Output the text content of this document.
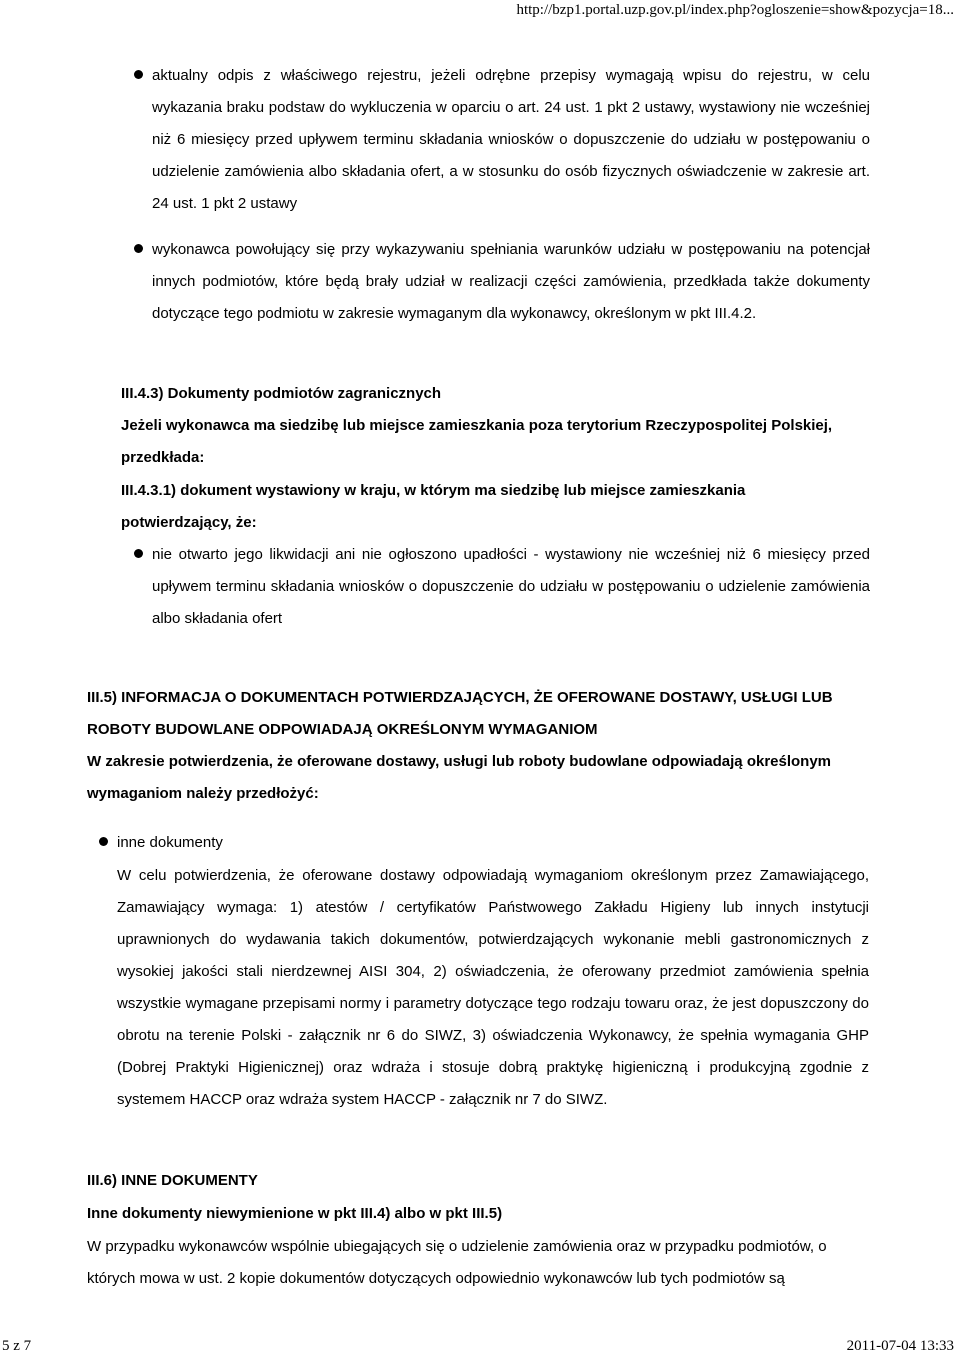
http://bzp1.portal.uzp.gov.pl/index.php?ogloszenie=show&pozycja=18...
aktualny odpis z właściwego rejestru, jeżeli odrębne przepisy wymagają wpisu do rejestru, w celu wykazania braku podstaw do wykluczenia w oparciu o art. 24 ust. 1 pkt 2 ustawy, wystawiony nie wcześniej niż 6 miesięcy przed upływem terminu składania wniosków o dopuszczenie do udziału w postępowaniu o udzielenie zamówienia albo składania ofert, a w stosunku do osób fizycznych oświadczenie w zakresie art. 24 ust. 1 pkt 2 ustawy
wykonawca powołujący się przy wykazywaniu spełniania warunków udziału w postępowaniu na potencjał innych podmiotów, które będą brały udział w realizacji części zamówienia, przedkłada także dokumenty dotyczące tego podmiotu w zakresie wymaganym dla wykonawcy, określonym w pkt III.4.2.
III.4.3) Dokumenty podmiotów zagranicznych
Jeżeli wykonawca ma siedzibę lub miejsce zamieszkania poza terytorium Rzeczypospolitej Polskiej, przedkłada:
III.4.3.1) dokument wystawiony w kraju, w którym ma siedzibę lub miejsce zamieszkania potwierdzający, że:
nie otwarto jego likwidacji ani nie ogłoszono upadłości - wystawiony nie wcześniej niż 6 miesięcy przed upływem terminu składania wniosków o dopuszczenie do udziału w postępowaniu o udzielenie zamówienia albo składania ofert
III.5) INFORMACJA O DOKUMENTACH POTWIERDZAJĄCYCH, ŻE OFEROWANE DOSTAWY, USŁUGI LUB ROBOTY BUDOWLANE ODPOWIADAJĄ OKREŚLONYM WYMAGANIOM
W zakresie potwierdzenia, że oferowane dostawy, usługi lub roboty budowlane odpowiadają określonym wymaganiom należy przedłożyć:
inne dokumenty
W celu potwierdzenia, że oferowane dostawy odpowiadają wymaganiom określonym przez Zamawiającego, Zamawiający wymaga: 1) atestów / certyfikatów Państwowego Zakładu Higieny lub innych instytucji uprawnionych do wydawania takich dokumentów, potwierdzających wykonanie mebli gastronomicznych z wysokiej jakości stali nierdzewnej AISI 304, 2) oświadczenia, że oferowany przedmiot zamówienia spełnia wszystkie wymagane przepisami normy i parametry dotyczące tego rodzaju towaru oraz, że jest dopuszczony do obrotu na terenie Polski - załącznik nr 6 do SIWZ, 3) oświadczenia Wykonawcy, że spełnia wymagania GHP (Dobrej Praktyki Higienicznej) oraz wdraża i stosuje dobrą praktykę higieniczną i produkcyjną zgodnie z systemem HACCP oraz wdraża system HACCP - załącznik nr 7 do SIWZ.
III.6) INNE DOKUMENTY
Inne dokumenty niewymienione w pkt III.4) albo w pkt III.5)
W przypadku wykonawców wspólnie ubiegających się o udzielenie zamówienia oraz w przypadku podmiotów, o których mowa w ust. 2 kopie dokumentów dotyczących odpowiednio wykonawców lub tych podmiotów są
5 z 7	2011-07-04 13:33
